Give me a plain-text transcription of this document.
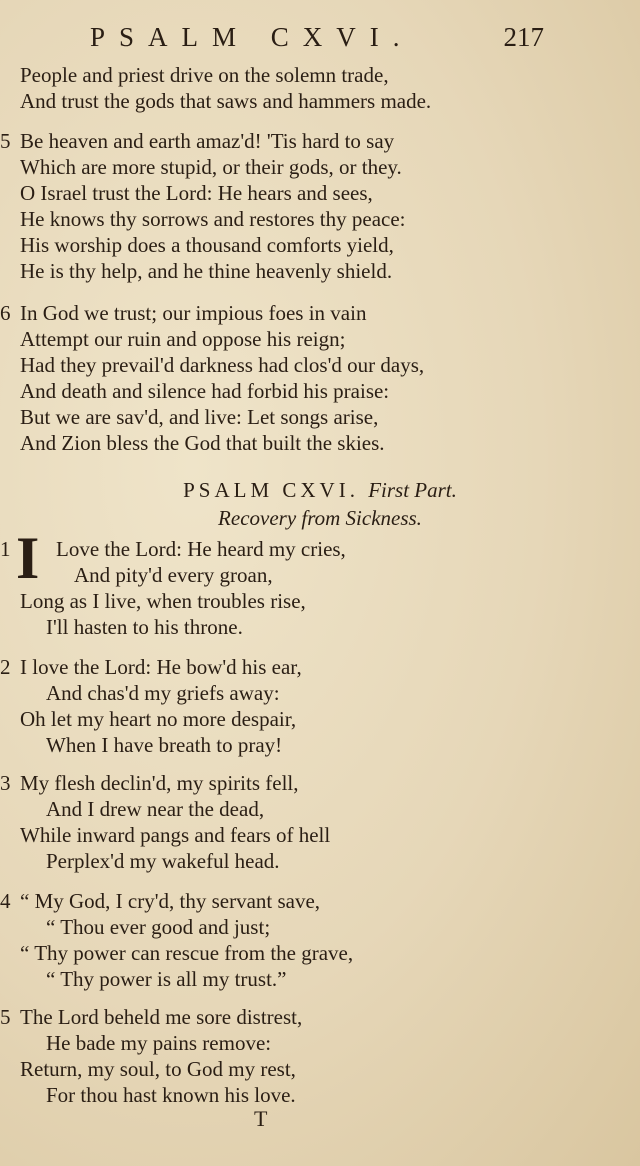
PSALM CXVI.	217
People and priest drive on the solemn trade,
And trust the gods that saws and hammers made.
5 Be heaven and earth amaz'd! 'Tis hard to say
Which are more stupid, or their gods, or they.
O Israel trust the Lord: He hears and sees,
He knows thy sorrows and restores thy peace:
His worship does a thousand comforts yield,
He is thy help, and he thine heavenly shield.
6 In God we trust; our impious foes in vain
Attempt our ruin and oppose his reign;
Had they prevail'd darkness had clos'd our days,
And death and silence had forbid his praise:
But we are sav'd, and live: Let songs arise,
And Zion bless the God that built the skies.
PSALM CXVI. First Part.
Recovery from Sickness.
1 I Love the Lord: He heard my cries,
And pity'd every groan,
Long as I live, when troubles rise,
I'll hasten to his throne.
2 I love the Lord: He bow'd his ear,
And chas'd my griefs away:
Oh let my heart no more despair,
When I have breath to pray!
3 My flesh declin'd, my spirits fell,
And I drew near the dead,
While inward pangs and fears of hell
Perplex'd my wakeful head.
4 “ My God, I cry'd, thy servant save,
“ Thou ever good and just;
“ Thy power can rescue from the grave,
“ Thy power is all my trust.”
5 The Lord beheld me sore distrest,
He bade my pains remove:
Return, my soul, to God my rest,
For thou hast known his love.
T
